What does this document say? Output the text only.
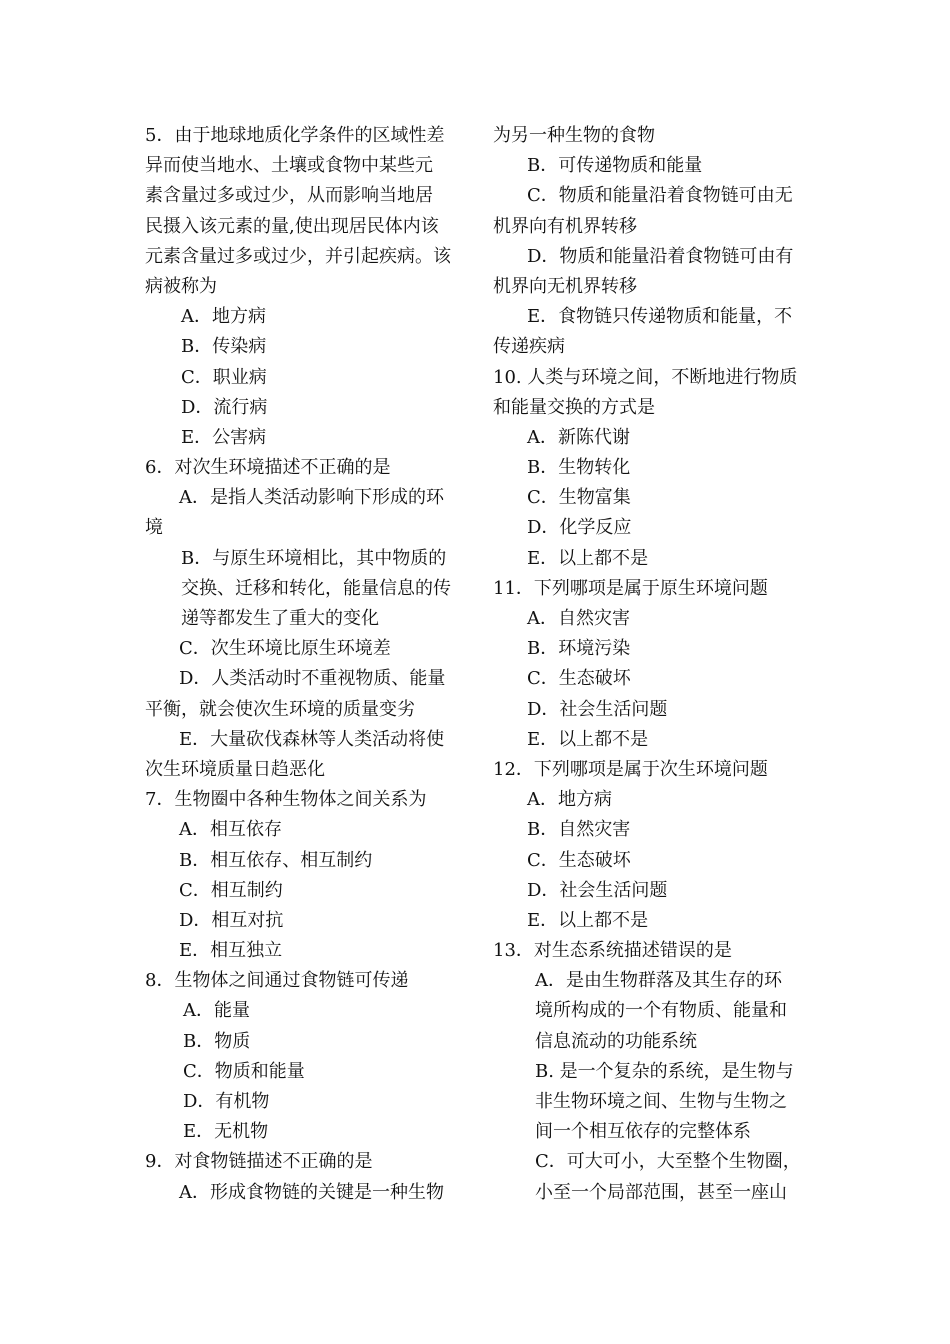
5．由于地球地质化学条件的区域性差
异而使当地水、土壤或食物中某些元
素含量过多或过少，从而影响当地居
民摄入该元素的量,使出现居民体内该
元素含量过多或过少，并引起疾病。该
病被称为
A．地方病
B．传染病
C．职业病
D．流行病
E．公害病
6．对次生环境描述不正确的是
A．是指人类活动影响下形成的环
境
B．与原生环境相比，其中物质的
交换、迁移和转化，能量信息的传
递等都发生了重大的变化
C．次生环境比原生环境差
D．人类活动时不重视物质、能量
平衡，就会使次生环境的质量变劣
E．大量砍伐森林等人类活动将使
次生环境质量日趋恶化
7．生物圈中各种生物体之间关系为
A．相互依存
B．相互依存、相互制约
C．相互制约
D．相互对抗
E．相互独立
8．生物体之间通过食物链可传递
A．能量
B．物质
C．物质和能量
D．有机物
E．无机物
9．对食物链描述不正确的是
A．形成食物链的关键是一种生物
为另一种生物的食物
B．可传递物质和能量
C．物质和能量沿着食物链可由无
机界向有机界转移
D．物质和能量沿着食物链可由有
机界向无机界转移
E．食物链只传递物质和能量，不
传递疾病
10. 人类与环境之间，不断地进行物质
和能量交换的方式是
A．新陈代谢
B．生物转化
C．生物富集
D．化学反应
E．以上都不是
11．下列哪项是属于原生环境问题
A．自然灾害
B．环境污染
C．生态破坏
D．社会生活问题
E．以上都不是
12．下列哪项是属于次生环境问题
A．地方病
B．自然灾害
C．生态破坏
D．社会生活问题
E．以上都不是
13．对生态系统描述错误的是
A．是由生物群落及其生存的环
境所构成的一个有物质、能量和
信息流动的功能系统
B. 是一个复杂的系统，是生物与
非生物环境之间、生物与生物之
间一个相互依存的完整体系
C．可大可小，大至整个生物圈，
小至一个局部范围，甚至一座山
